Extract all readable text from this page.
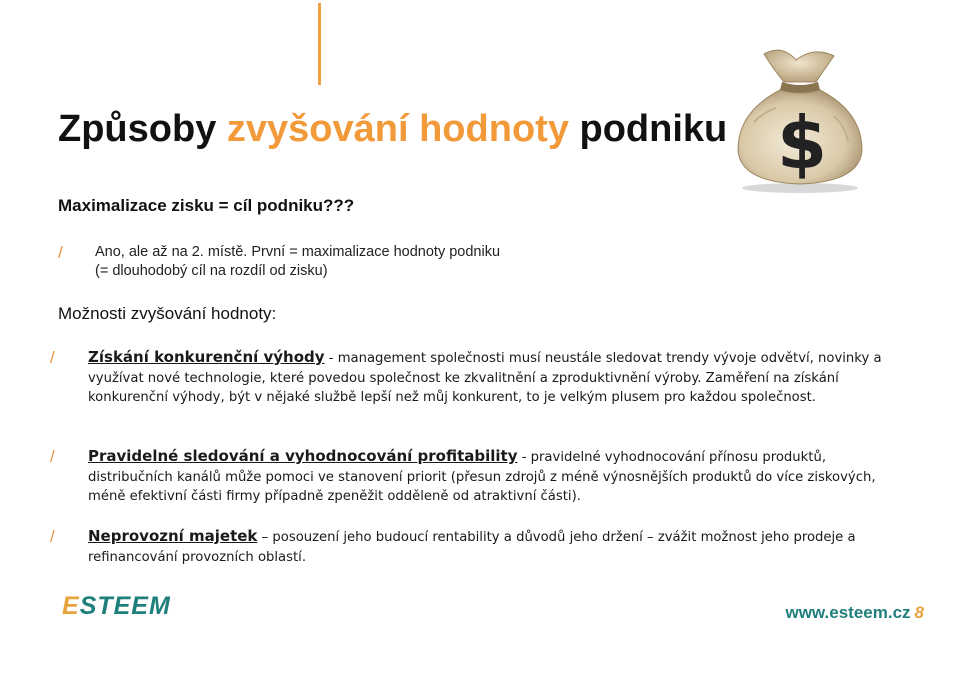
Způsoby zvyšování hodnoty podniku $

Maximalizace zisku = cíl podniku???

/ Ano, ale až na 2. místě. První = maximalizace hodnoty podniku
(= dlouhodobý cíl na rozdíl od zisku)

Možnosti zvyšování hodnoty:

/ Získání konkurenční výhody - management společnosti musí neustále sledovat trendy vývoje odvětví, novinky a využívat nové technologie, které povedou společnost ke zkvalitnění a zproduktivnění výroby. Zaměření na získání konkurenční výhody, být v nějaké službě lepší než můj konkurent, to je velkým plusem pro každou společnost.
/ Pravidelné sledování a vyhodnocování profitability - pravidelné vyhodnocování přínosu produktů, distribučních kanálů může pomoci ve stanovení priorit (přesun zdrojů z méně výnosnějších produktů do více ziskových, méně efektivní části firmy případně zpeněžit odděleně od atraktivní části).
/ Neprovozní majetek – posouzení jeho budoucí rentability a důvodů jeho držení – zvážit možnost jeho prodeje a refinancování provozních oblastí.
ESTEEM	www.esteem.cz 8
